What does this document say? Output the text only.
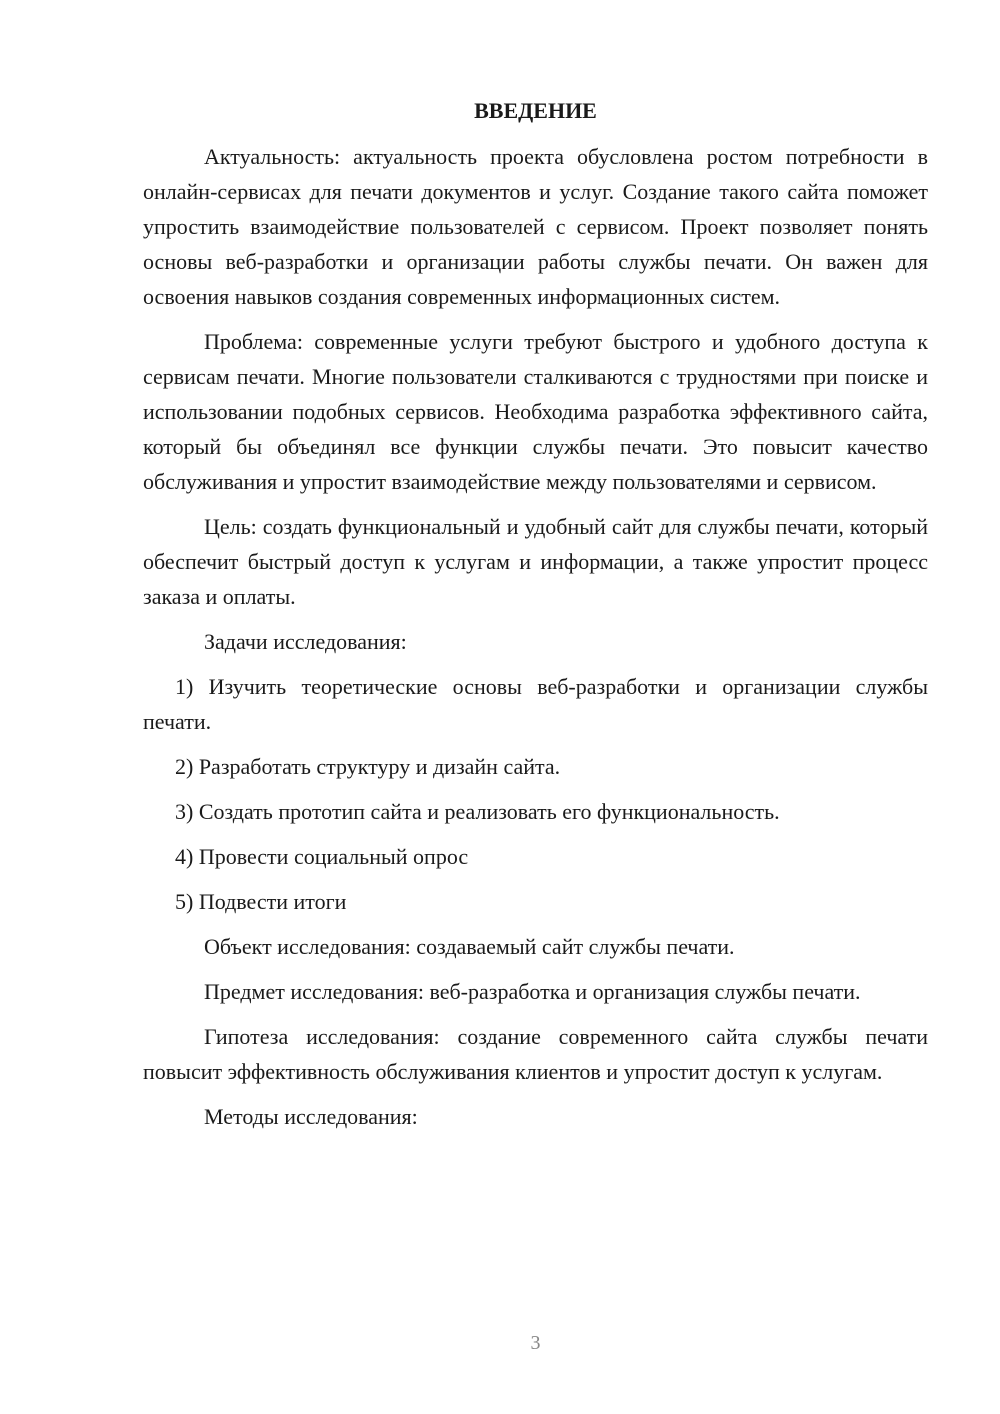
ВВЕДЕНИЕ

Актуальность: актуальность проекта обусловлена ростом потребности в онлайн-сервисах для печати документов и услуг. Создание такого сайта поможет упростить взаимодействие пользователей с сервисом. Проект позволяет понять основы веб-разработки и организации работы службы печати. Он важен для освоения навыков создания современных информационных систем.

Проблема: современные услуги требуют быстрого и удобного доступа к сервисам печати. Многие пользователи сталкиваются с трудностями при поиске и использовании подобных сервисов. Необходима разработка эффективного сайта, который бы объединял все функции службы печати. Это повысит качество обслуживания и упростит взаимодействие между пользователями и сервисом.

Цель: создать функциональный и удобный сайт для службы печати, который обеспечит быстрый доступ к услугам и информации, а также упростит процесс заказа и оплаты.

Задачи исследования:

1) Изучить теоретические основы веб-разработки и организации службы печати.

2) Разработать структуру и дизайн сайта.

3) Создать прототип сайта и реализовать его функциональность.

4) Провести социальный опрос

5) Подвести итоги

Объект исследования: создаваемый сайт службы печати.

Предмет исследования: веб-разработка и организация службы печати.

Гипотеза исследования: создание современного сайта службы печати повысит эффективность обслуживания клиентов и упростит доступ к услугам.

Методы исследования:

3
